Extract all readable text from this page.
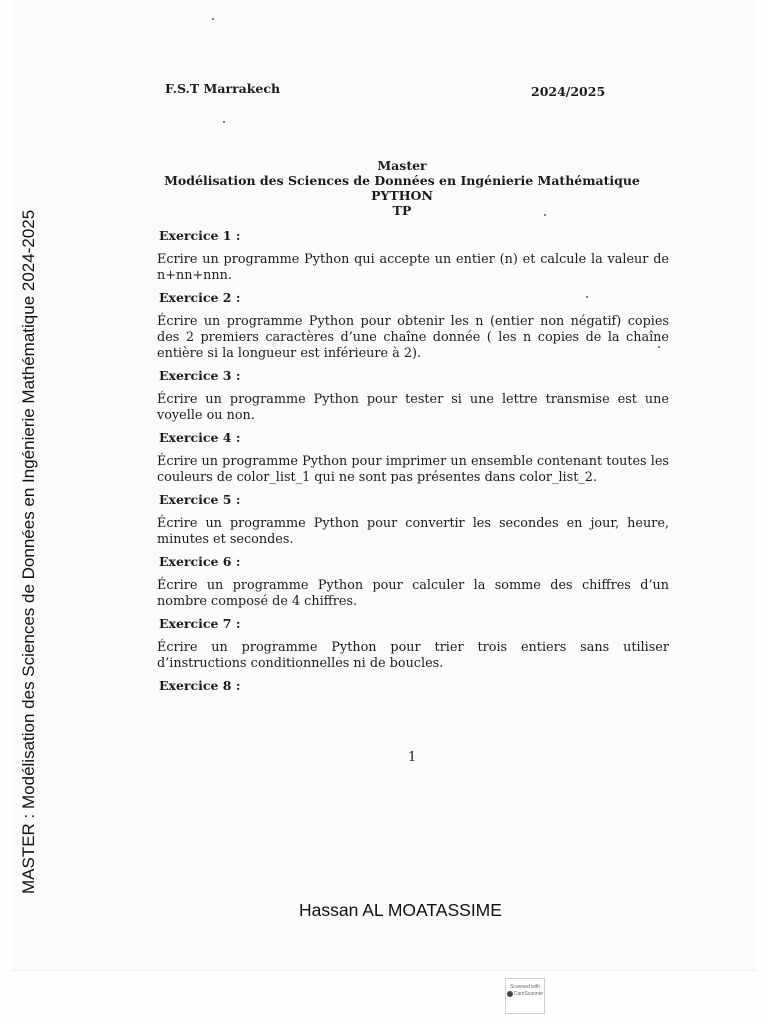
F.S.T Marrakech	2024/2025
Master
Modélisation des Sciences de Données en Ingénierie Mathématique
PYTHON
TP
Exercice 1 :
Ecrire un programme Python qui accepte un entier (n) et calcule la valeur de n+nn+nnn.
Exercice 2 :
Écrire un programme Python pour obtenir les n (entier non négatif) copies des 2 premiers caractères d’une chaîne donnée ( les n copies de la chaîne entière si la longueur est inférieure à 2).
Exercice 3 :
Écrire un programme Python pour tester si une lettre transmise est une voyelle ou non.
Exercice 4 :
Écrire un programme Python pour imprimer un ensemble contenant toutes les couleurs de color_list_1 qui ne sont pas présentes dans color_list_2.
Exercice 5 :
Écrire un programme Python pour convertir les secondes en jour, heure, minutes et secondes.
Exercice 6 :
Écrire un programme Python pour calculer la somme des chiffres d’un nombre composé de 4 chiffres.
Exercice 7 :
Écrire un programme Python pour trier trois entiers sans utiliser d’instructions conditionnelles ni de boucles.
Exercice 8 :
1
Hassan AL MOATASSIME
MASTER : Modélisation des Sciences de Données en Ingénierie Mathématique 2024-2025
Scanned with
CamScanner
